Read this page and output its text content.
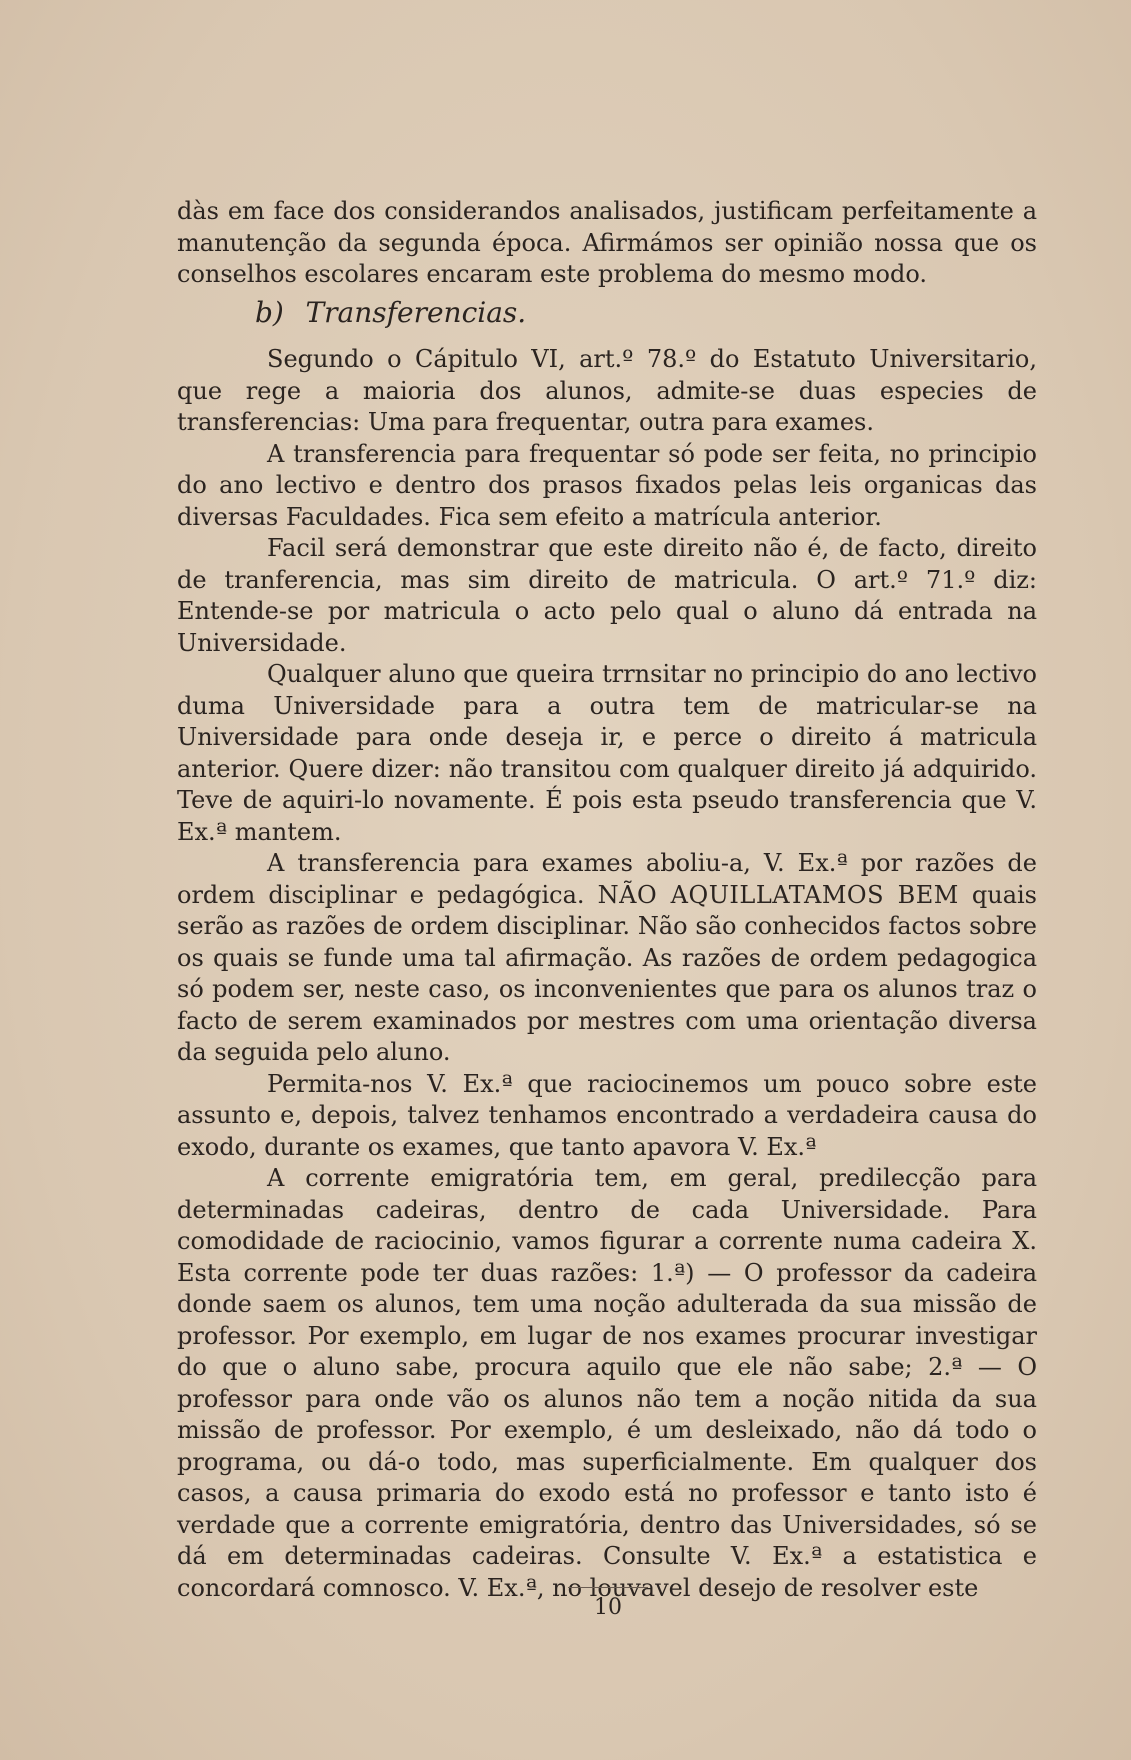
dàs em face dos considerandos analisados, justificam perfeitamente a manutenção da segunda época. Afirmámos ser opinião nossa que os conselhos escolares encaram este problema do mesmo modo.

b) Transferencias.

Segundo o Cápitulo VI, art.º 78.º do Estatuto Universitario, que rege a maioria dos alunos, admite-se duas especies de transferencias: Uma para frequentar, outra para exames.

A transferencia para frequentar só pode ser feita, no principio do ano lectivo e dentro dos prasos fixados pelas leis organicas das diversas Faculdades. Fica sem efeito a matrícula anterior.

Facil será demonstrar que este direito não é, de facto, direito de tranferencia, mas sim direito de matricula. O art.º 71.º diz: Entende-se por matricula o acto pelo qual o aluno dá entrada na Universidade.

Qualquer aluno que queira trrnsitar no principio do ano lectivo duma Universidade para a outra tem de matricular-se na Universidade para onde deseja ir, e perce o direito á matricula anterior. Quere dizer: não transitou com qualquer direito já adquirido. Teve de aquiri-lo novamente. É pois esta pseudo transferencia que V. Ex.ª mantem.

A transferencia para exames aboliu-a, V. Ex.ª por razões de ordem disciplinar e pedagógica. NÃO AQUILLATAMOS BEM quais serão as razões de ordem disciplinar. Não são conhecidos factos sobre os quais se funde uma tal afirmação. As razões de ordem pedagogica só podem ser, neste caso, os inconvenientes que para os alunos traz o facto de serem examinados por mestres com uma orientação diversa da seguida pelo aluno.

Permita-nos V. Ex.ª que raciocinemos um pouco sobre este assunto e, depois, talvez tenhamos encontrado a verdadeira causa do exodo, durante os exames, que tanto apavora V. Ex.ª

A corrente emigratória tem, em geral, predilecção para determinadas cadeiras, dentro de cada Universidade. Para comodidade de raciocinio, vamos figurar a corrente numa cadeira X. Esta corrente pode ter duas razões: 1.ª) — O professor da cadeira donde saem os alunos, tem uma noção adulterada da sua missão de professor. Por exemplo, em lugar de nos exames procurar investigar do que o aluno sabe, procura aquilo que ele não sabe; 2.ª — O professor para onde vão os alunos não tem a noção nitida da sua missão de professor. Por exemplo, é um desleixado, não dá todo o programa, ou dá-o todo, mas superficialmente. Em qualquer dos casos, a causa primaria do exodo está no professor e tanto isto é verdade que a corrente emigratória, dentro das Universidades, só se dá em determinadas cadeiras. Consulte V. Ex.ª a estatistica e concordará comnosco. V. Ex.ª, no louvavel desejo de resolver este

10
